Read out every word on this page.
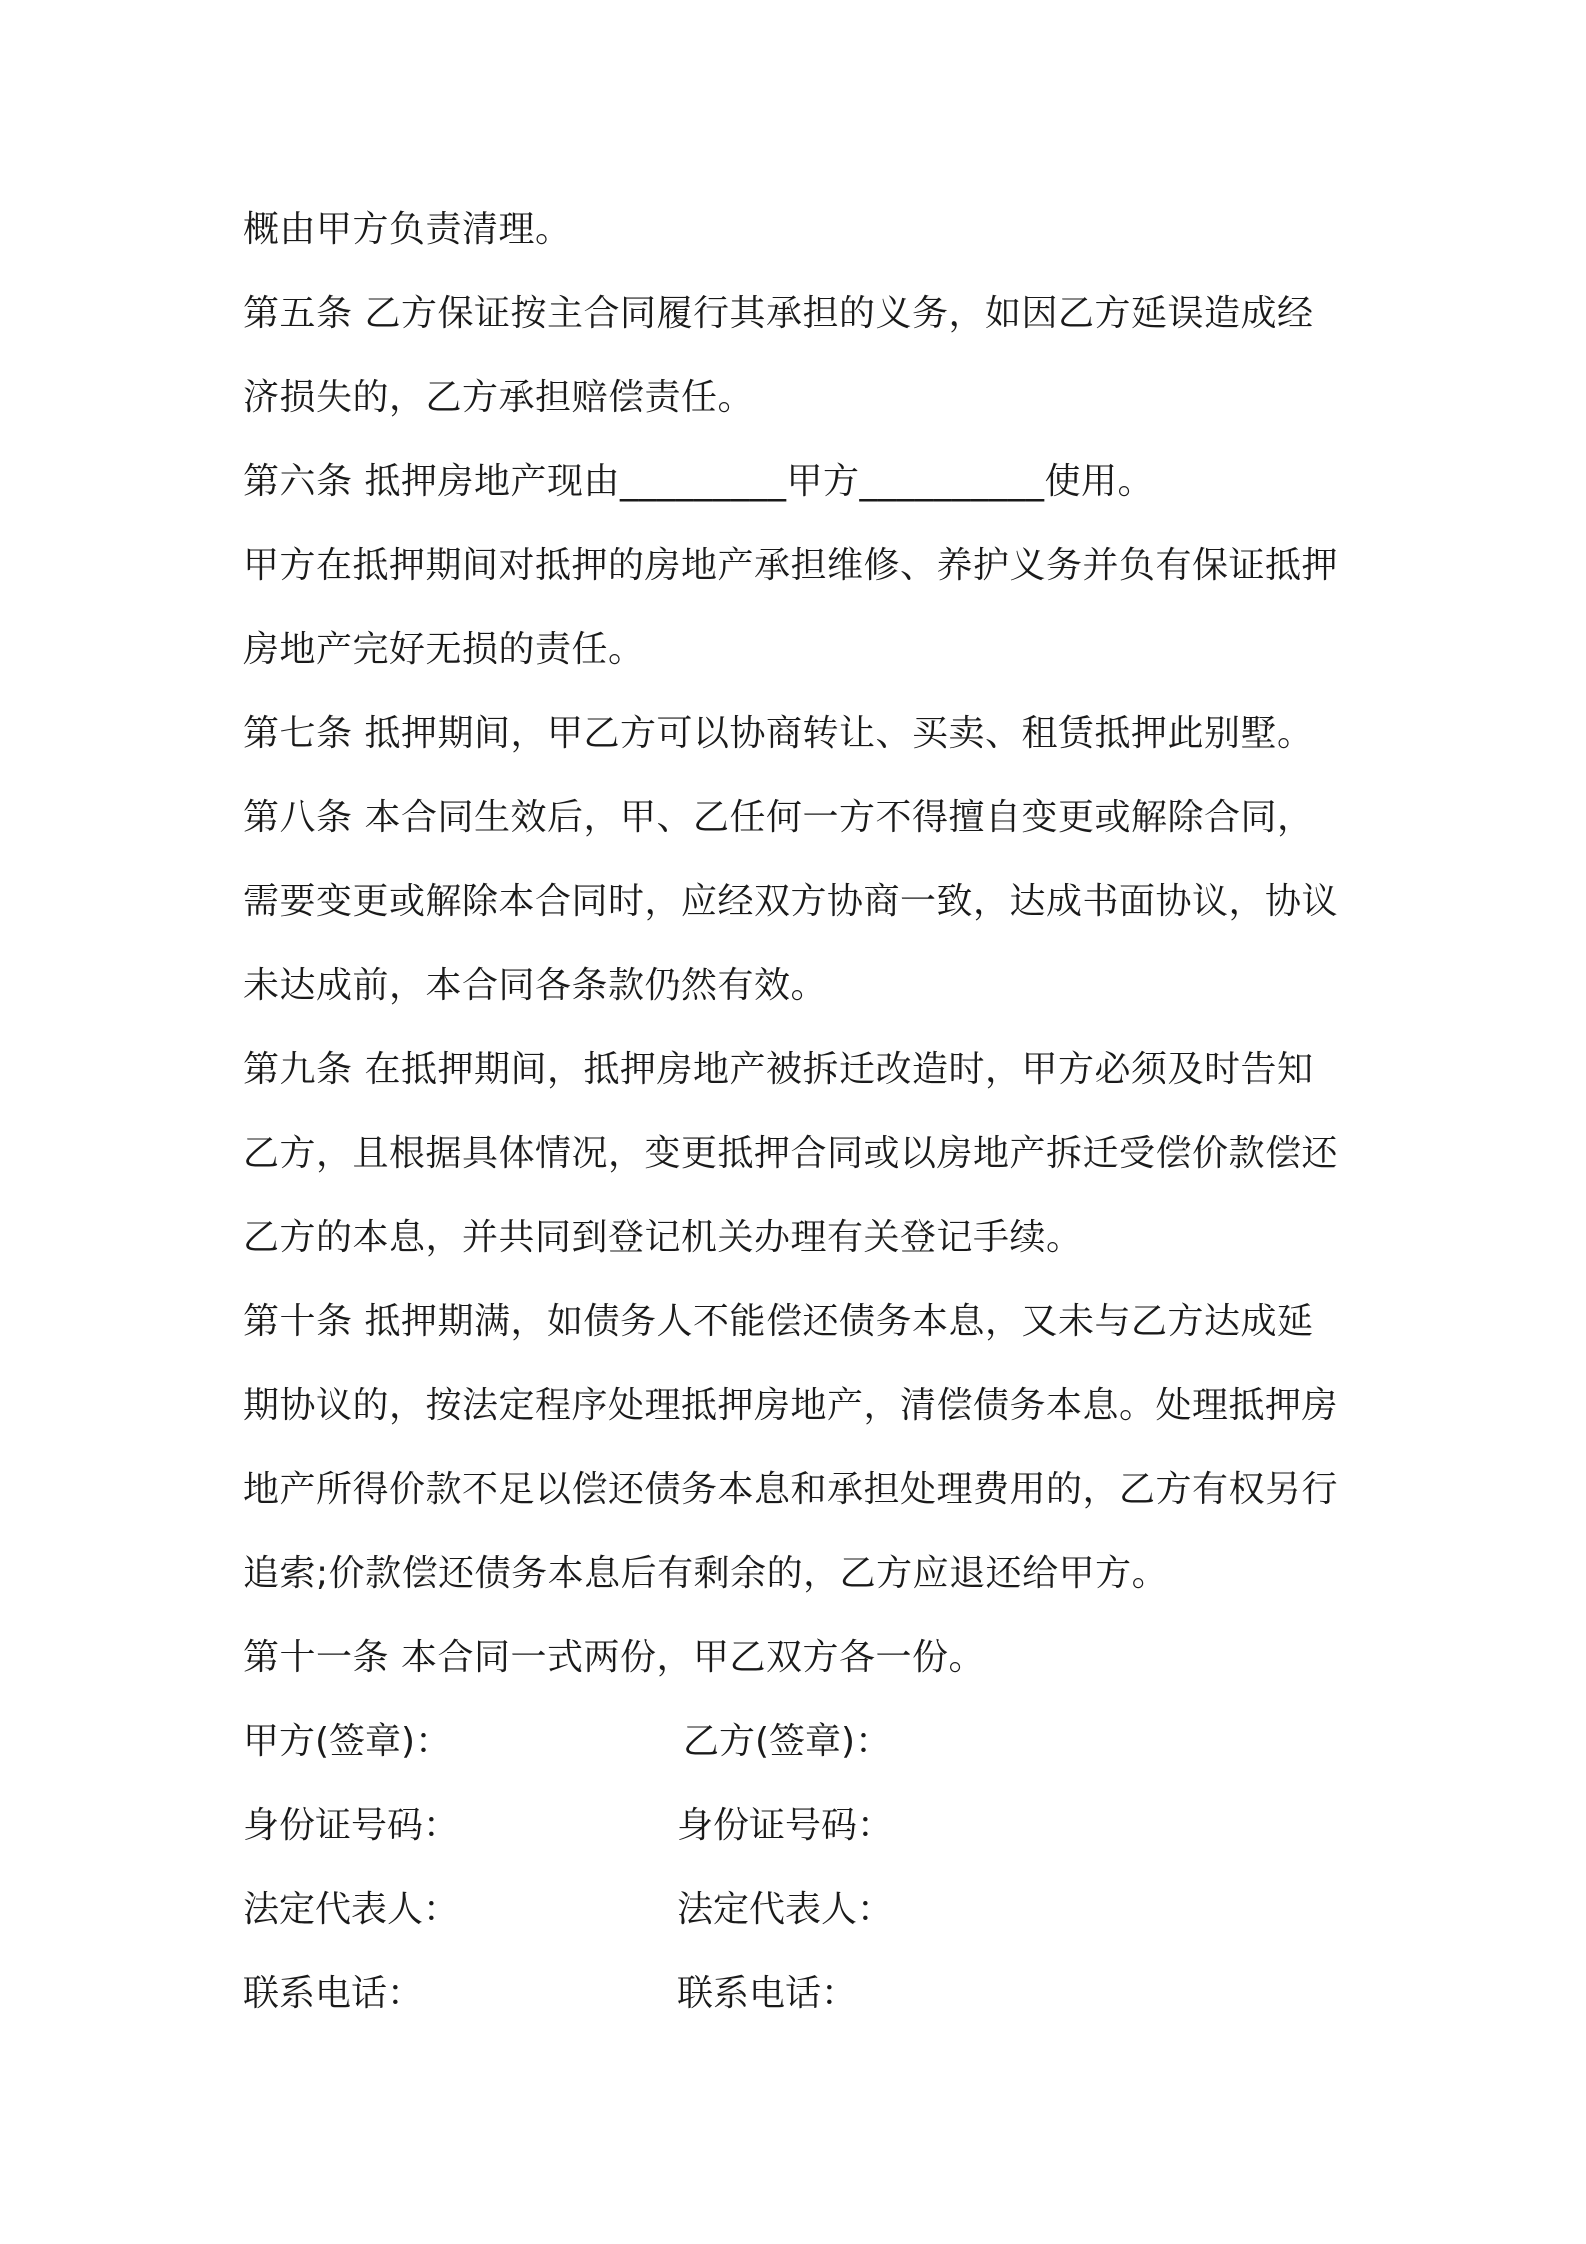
概由甲方负责清理。
第五条 乙方保证按主合同履行其承担的义务，如因乙方延误造成经
济损失的，乙方承担赔偿责任。
第六条 抵押房地产现由_________甲方__________使用。
甲方在抵押期间对抵押的房地产承担维修、养护义务并负有保证抵押
房地产完好无损的责任。
第七条 抵押期间，甲乙方可以协商转让、买卖、租赁抵押此别墅。
第八条 本合同生效后，甲、乙任何一方不得擅自变更或解除合同，
需要变更或解除本合同时，应经双方协商一致，达成书面协议，协议
未达成前，本合同各条款仍然有效。
第九条 在抵押期间，抵押房地产被拆迁改造时，甲方必须及时告知
乙方，且根据具体情况，变更抵押合同或以房地产拆迁受偿价款偿还
乙方的本息，并共同到登记机关办理有关登记手续。
第十条 抵押期满，如债务人不能偿还债务本息，又未与乙方达成延
期协议的，按法定程序处理抵押房地产，清偿债务本息。处理抵押房
地产所得价款不足以偿还债务本息和承担处理费用的，乙方有权另行
追索;价款偿还债务本息后有剩余的，乙方应退还给甲方。
第十一条 本合同一式两份，甲乙双方各一份。
甲方(签章)：	乙方(签章)：
身份证号码：	身份证号码：
法定代表人：	法定代表人：
联系电话：	联系电话：
